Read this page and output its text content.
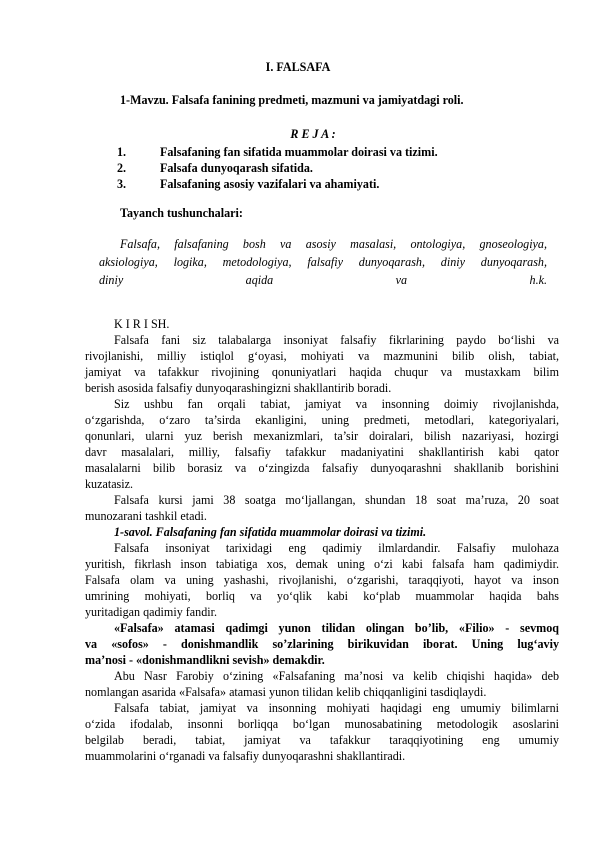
I. FALSAFA
1-Mavzu. Falsafa fanining predmeti, mazmuni va jamiyatdagi roli.
R E J A :
1.	Falsafaning fan sifatida muammolar doirasi va tizimi.
2.	Falsafa dunyoqarash sifatida.
3.	Falsafaning asosiy vazifalari va ahamiyati.
Tayanch tushunchalari:
Falsafa, falsafaning bosh va asosiy masalasi, ontologiya, gnoseologiya,
aksiologiya, logika, metodologiya, falsafiy dunyoqarash, diniy dunyoqarash,
diniy aqida va h.k.
K I R I SH.
Falsafa fani siz talabalarga insoniyat falsafiy fikrlarining paydo bo‘lishi va
rivojlanishi, milliy istiqlol g‘oyasi, mohiyati va mazmunini bilib olish, tabiat,
jamiyat va tafakkur rivojining qonuniyatlari haqida chuqur va mustaxkam bilim
berish asosida falsafiy dunyoqarashingizni shakllantirib boradi.
Siz ushbu fan orqali tabiat, jamiyat va insonning doimiy rivojlanishda,
o‘zgarishda, o‘zaro ta’sirda ekanligini, uning predmeti, metodlari, kategoriyalari,
qonunlari, ularni yuz berish mexanizmlari, ta’sir doiralari, bilish nazariyasi, hozirgi
davr masalalari, milliy, falsafiy tafakkur madaniyatini shakllantirish kabi qator
masalalarni bilib borasiz va o‘zingizda falsafiy dunyoqarashni shakllanib borishini
kuzatasiz.
Falsafa kursi jami 38 soatga mo‘ljallangan, shundan 18 soat ma’ruza, 20 soat
munozarani tashkil etadi.
1-savol. Falsafaning fan sifatida muammolar doirasi va tizimi.
Falsafa insoniyat tarixidagi eng qadimiy ilmlardandir. Falsafiy mulohaza
yuritish, fikrlash inson tabiatiga xos, demak uning o‘zi kabi falsafa ham qadimiydir.
Falsafa olam va uning yashashi, rivojlanishi, o‘zgarishi, taraqqiyoti, hayot va inson
umrining mohiyati, borliq va yo‘qlik kabi ko‘plab muammolar haqida bahs
yuritadigan qadimiy fandir.
«Falsafa» atamasi qadimgi yunon tilidan olingan bo’lib, «Filio» - sevmoq
va «sofos» - donishmandlik so’zlarining birikuvidan iborat. Uning lug‘aviy
ma’nosi - «donishmandlikni sevish» demakdir.
Abu Nasr Farobiy o‘zining «Falsafaning ma’nosi va kelib chiqishi haqida» deb
nomlangan asarida «Falsafa» atamasi yunon tilidan kelib chiqqanligini tasdiqlaydi.
Falsafa tabiat, jamiyat va insonning mohiyati haqidagi eng umumiy bilimlarni
o‘zida ifodalab, insonni borliqqa bo‘lgan munosabatining metodologik asoslarini
belgilab beradi, tabiat, jamiyat va tafakkur taraqqiyotining eng umumiy
muammolarini o‘rganadi va falsafiy dunyoqarashni shakllantiradi.
